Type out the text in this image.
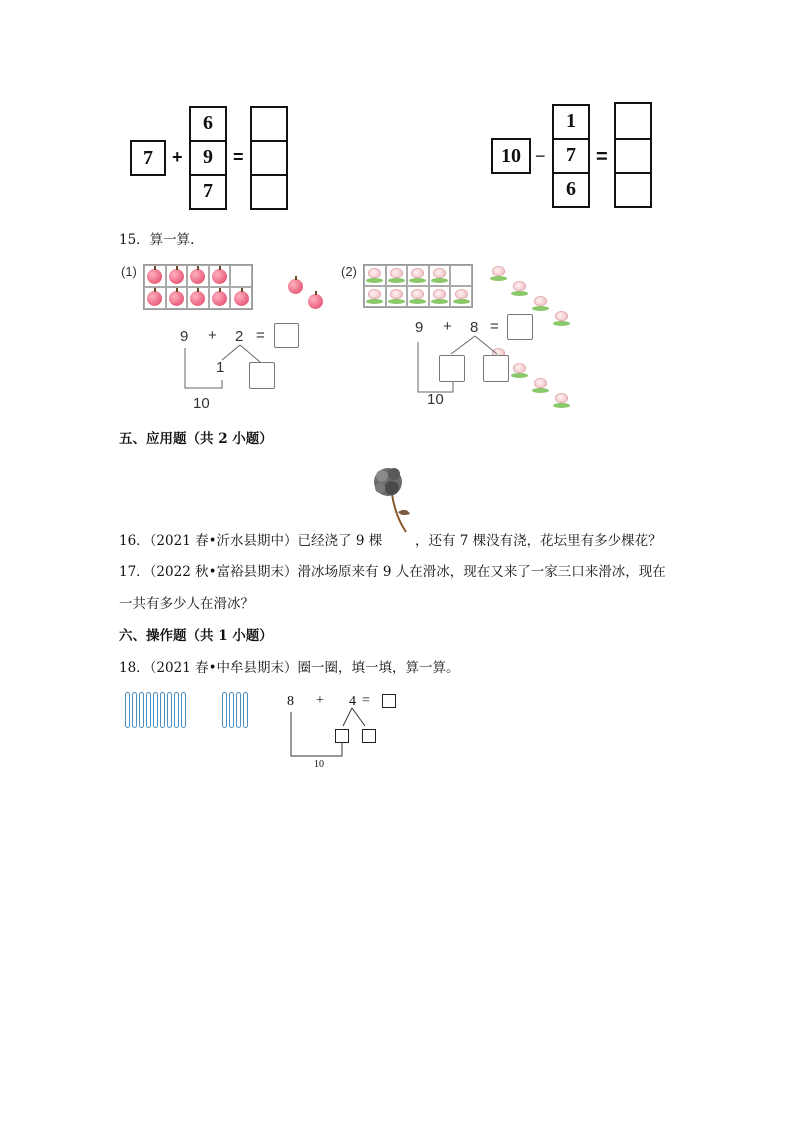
7	+
6
9
7
=	10 −
1
7
6
=
15．算一算.
(1)
9 + 2 =
1
10
(2)
9 + 8 =
10
五、应用题（共 2 小题）
16．（2021 春•沂水县期中）已经浇了 9 棵 ，还有 7 棵没有浇，花坛里有多少棵花？
17．（2022 秋•富裕县期末）滑冰场原来有 9 人在滑冰，现在又来了一家三口来滑冰，现在
一共有多少人在滑冰？
六、操作题（共 1 小题）
18．（2021 春•中牟县期末）圈一圈，填一填，算一算。
8 + 4 =
10
